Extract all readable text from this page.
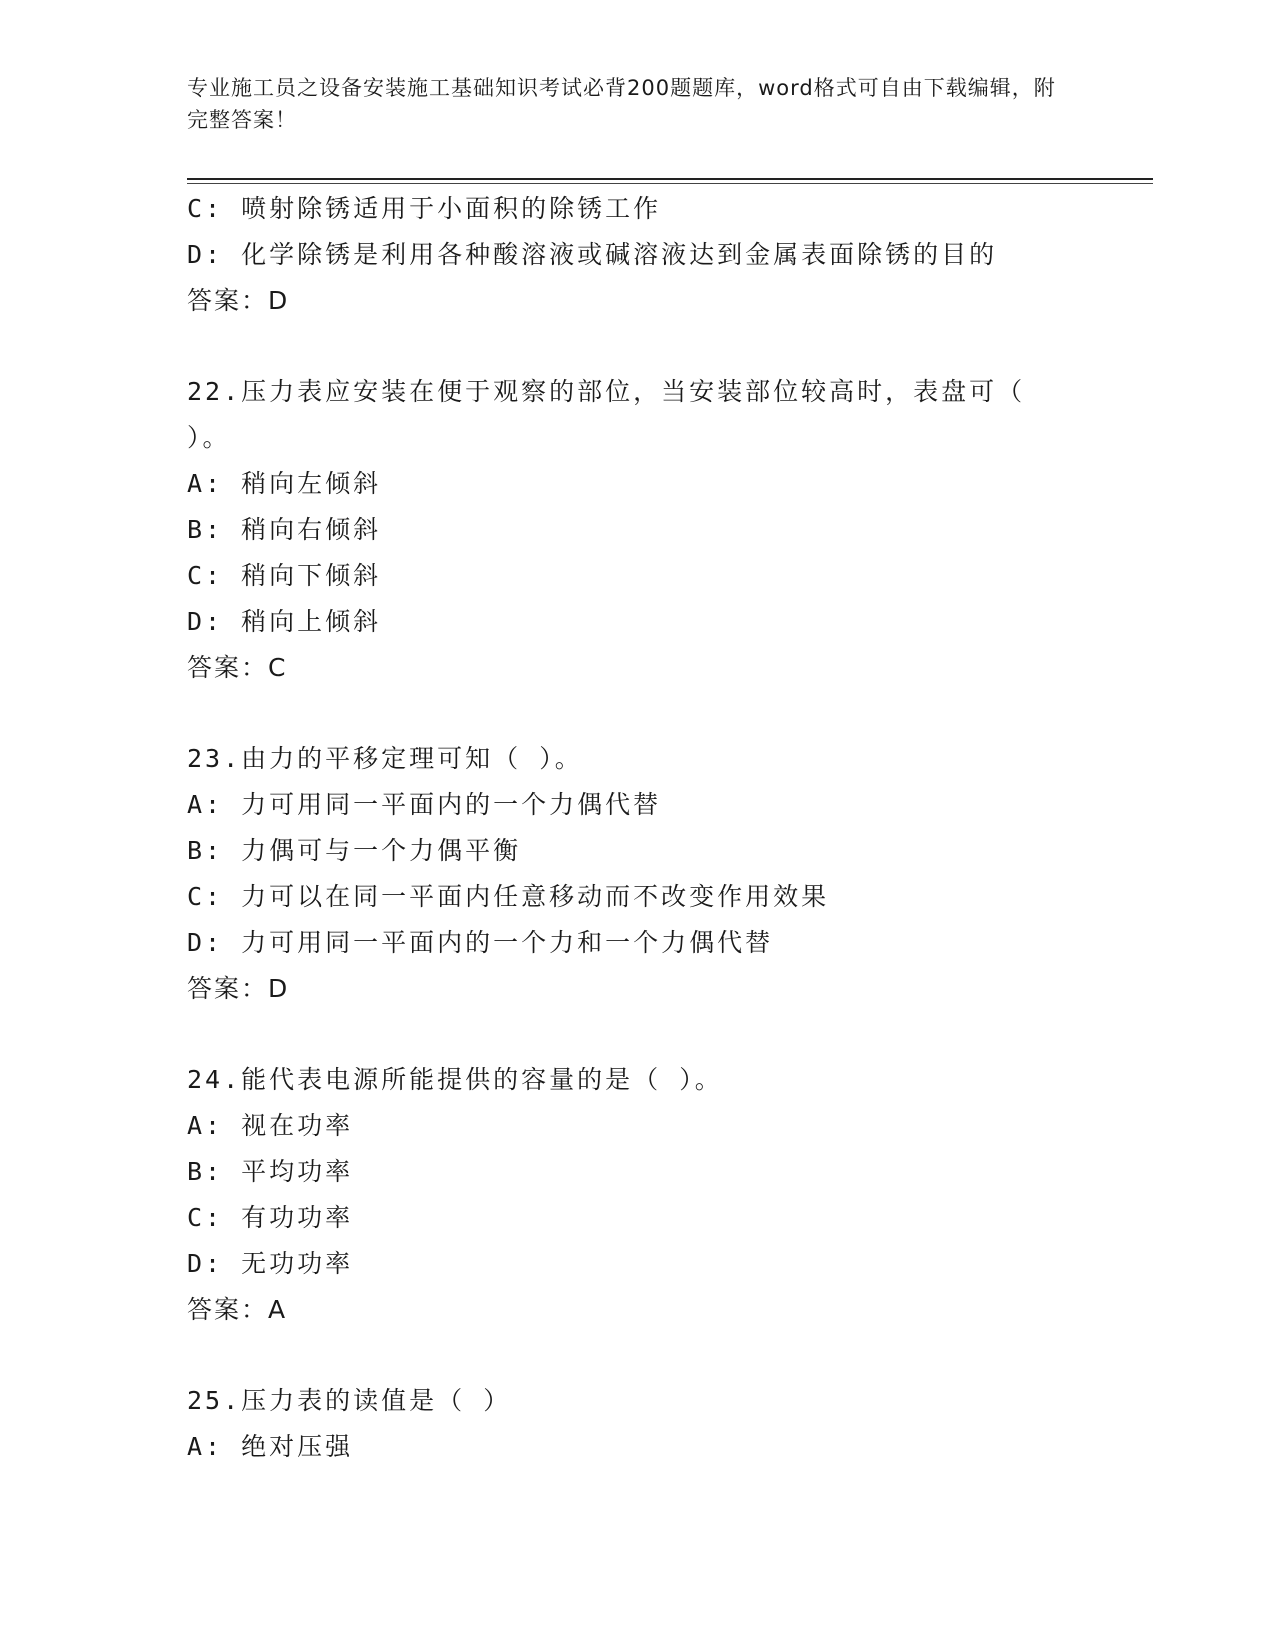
专业施工员之设备安装施工基础知识考试必背200题题库，word格式可自由下载编辑，附完整答案！
C: 喷射除锈适用于小面积的除锈工作
D: 化学除锈是利用各种酸溶液或碱溶液达到金属表面除锈的目的
答案：D
22.压力表应安装在便于观察的部位，当安装部位较高时，表盘可（ ）。
A: 稍向左倾斜
B: 稍向右倾斜
C: 稍向下倾斜
D: 稍向上倾斜
答案：C
23.由力的平移定理可知（ ）。
A: 力可用同一平面内的一个力偶代替
B: 力偶可与一个力偶平衡
C: 力可以在同一平面内任意移动而不改变作用效果
D: 力可用同一平面内的一个力和一个力偶代替
答案：D
24.能代表电源所能提供的容量的是（ ）。
A: 视在功率
B: 平均功率
C: 有功功率
D: 无功功率
答案：A
25.压力表的读值是（ ）
A: 绝对压强
